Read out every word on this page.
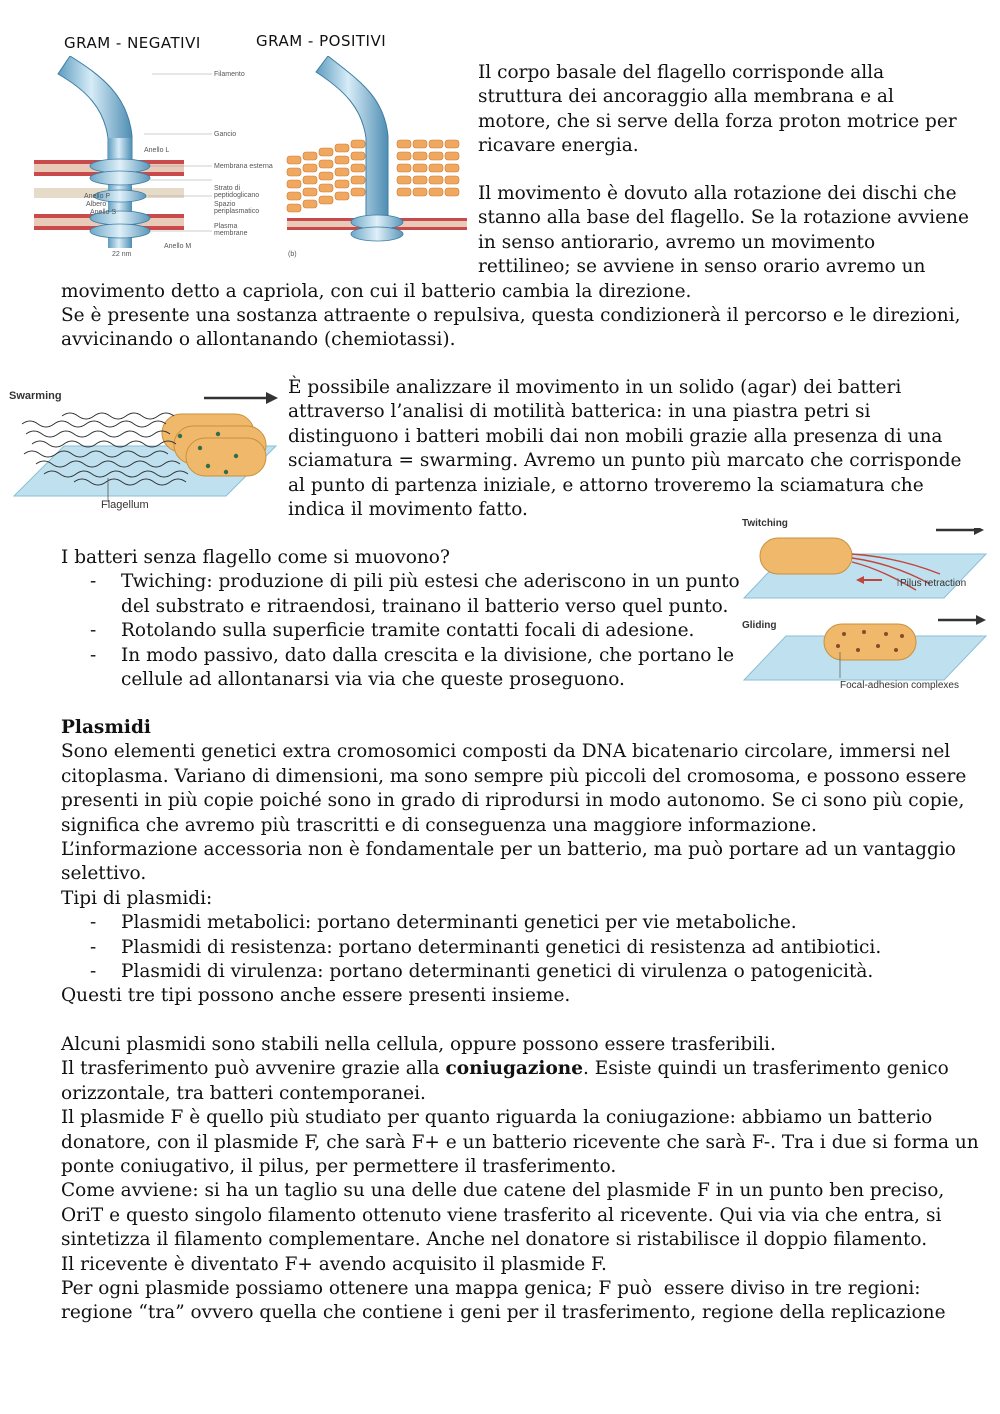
GRAM - NEGATIVI	GRAM - POSITIVI
Filamento
Gancio
Anello L
Membrana esterna
Strato di
peptidoglicano
Anello P
Albero
Anello S
Spazio
periplasmatico
Plasma
membrane
Anello M
22 nm	(b)
Il corpo basale del flagello corrisponde alla
struttura dei ancoraggio alla membrana e al
motore, che si serve della forza proton motrice per
ricavare energia.
Il movimento è dovuto alla rotazione dei dischi che
stanno alla base del flagello. Se la rotazione avviene
in senso antiorario, avremo un movimento
rettilineo; se avviene in senso orario avremo un
movimento detto a capriola, con cui il batterio cambia la direzione.
Se è presente una sostanza attraente o repulsiva, questa condizionerà il percorso e le direzioni,
avvicinando o allontanando (chemiotassi).
Swarming
Flagellum
È possibile analizzare il movimento in un solido (agar) dei batteri
attraverso l’analisi di motilità batterica: in una piastra petri si
distinguono i batteri mobili dai non mobili grazie alla presenza di una
sciamatura = swarming. Avremo un punto più marcato che corrisponde
al punto di partenza iniziale, e attorno troveremo la sciamatura che
indica il movimento fatto.
Twitching
Pilus retraction
Gliding
Focal-adhesion complexes
I batteri senza flagello come si muovono?
- Twiching: produzione di pili più estesi che aderiscono in un punto
del substrato e ritraendosi, trainano il batterio verso quel punto.
- Rotolando sulla superficie tramite contatti focali di adesione.
- In modo passivo, dato dalla crescita e la divisione, che portano le
cellule ad allontanarsi via via che queste proseguono.
Plasmidi
Sono elementi genetici extra cromosomici composti da DNA bicatenario circolare, immersi nel
citoplasma. Variano di dimensioni, ma sono sempre più piccoli del cromosoma, e possono essere
presenti in più copie poiché sono in grado di riprodursi in modo autonomo. Se ci sono più copie,
significa che avremo più trascritti e di conseguenza una maggiore informazione.
L’informazione accessoria non è fondamentale per un batterio, ma può portare ad un vantaggio
selettivo.
Tipi di plasmidi:
- Plasmidi metabolici: portano determinanti genetici per vie metaboliche.
- Plasmidi di resistenza: portano determinanti genetici di resistenza ad antibiotici.
- Plasmidi di virulenza: portano determinanti genetici di virulenza o patogenicità.
Questi tre tipi possono anche essere presenti insieme.
Alcuni plasmidi sono stabili nella cellula, oppure possono essere trasferibili.
Il trasferimento può avvenire grazie alla coniugazione. Esiste quindi un trasferimento genico
orizzontale, tra batteri contemporanei.
Il plasmide F è quello più studiato per quanto riguarda la coniugazione: abbiamo un batterio
donatore, con il plasmide F, che sarà F+ e un batterio ricevente che sarà F-. Tra i due si forma un
ponte coniugativo, il pilus, per permettere il trasferimento.
Come avviene: si ha un taglio su una delle due catene del plasmide F in un punto ben preciso,
OriT e questo singolo filamento ottenuto viene trasferito al ricevente. Qui via via che entra, si
sintetizza il filamento complementare. Anche nel donatore si ristabilisce il doppio filamento.
Il ricevente è diventato F+ avendo acquisito il plasmide F.
Per ogni plasmide possiamo ottenere una mappa genica; F può  essere diviso in tre regioni:
regione “tra” ovvero quella che contiene i geni per il trasferimento, regione della replicazione
